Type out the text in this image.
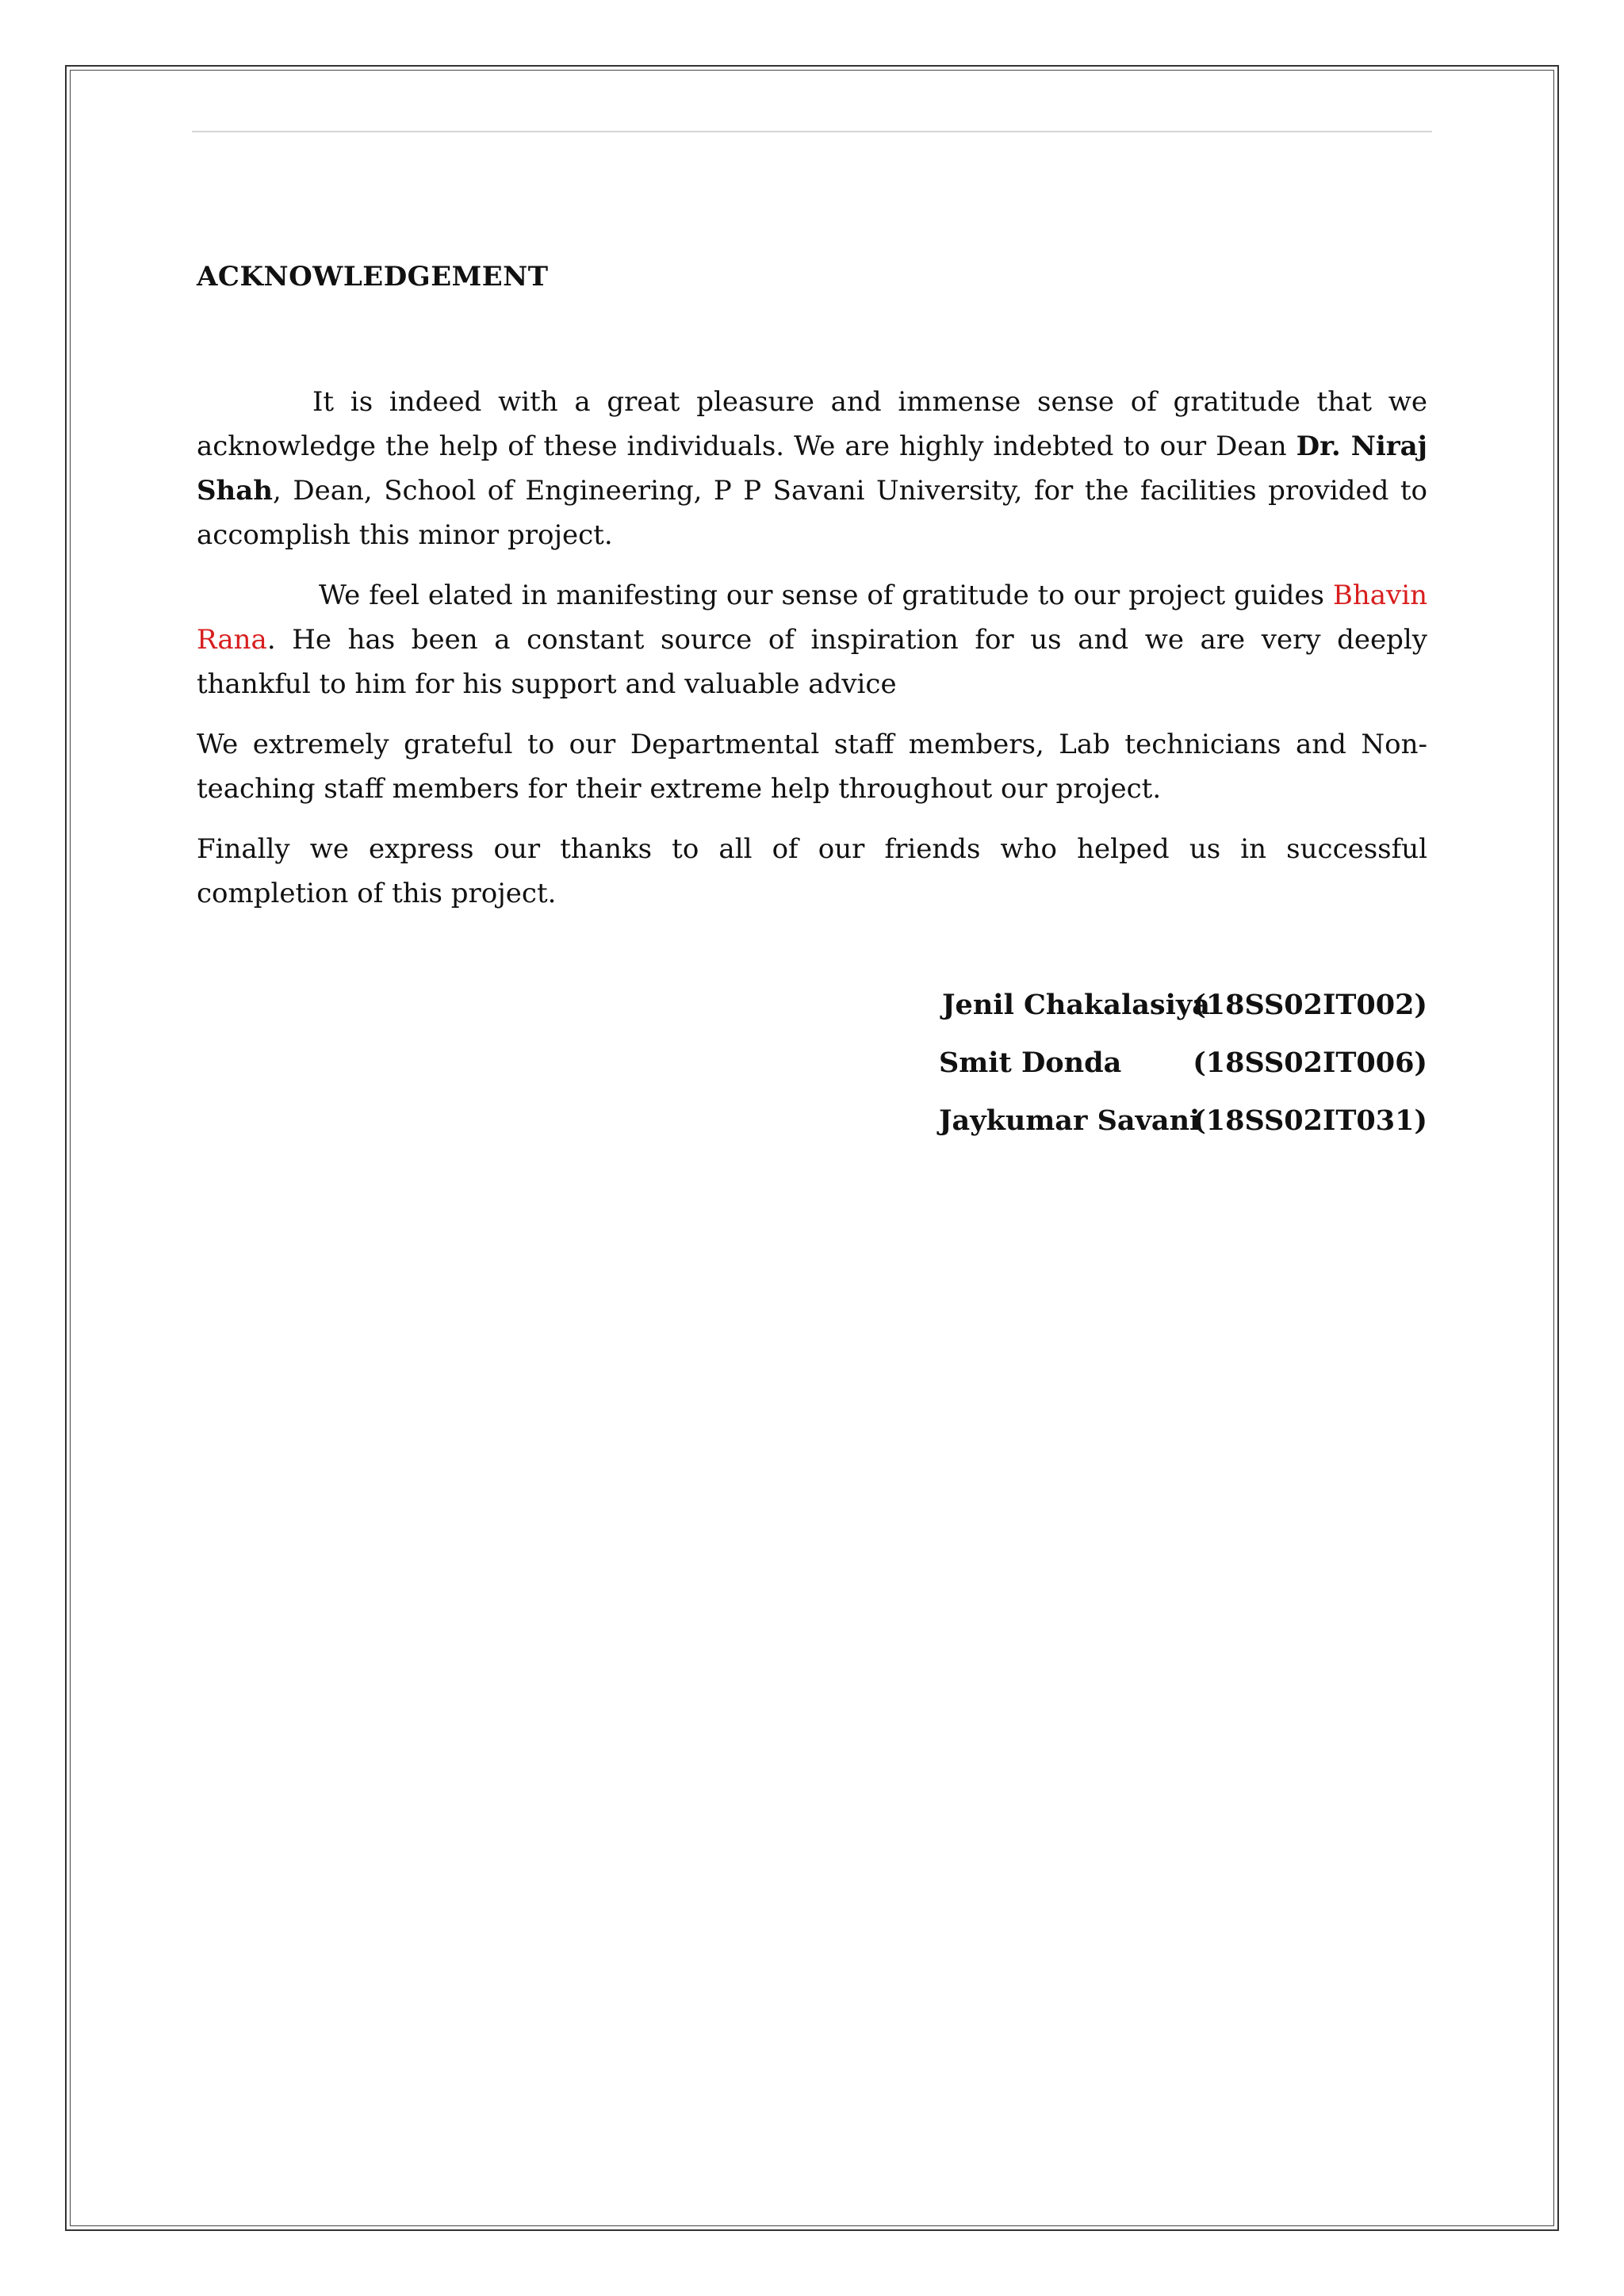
ACKNOWLEDGEMENT

It is indeed with a great pleasure and immense sense of gratitude that we acknowledge the help of these individuals. We are highly indebted to our Dean Dr. Niraj Shah, Dean, School of Engineering, P P Savani University, for the facilities provided to accomplish this minor project.

We feel elated in manifesting our sense of gratitude to our project guides Bhavin Rana. He has been a constant source of inspiration for us and we are very deeply thankful to him for his support and valuable advice

We extremely grateful to our Departmental staff members, Lab technicians and Non-teaching staff members for their extreme help throughout our project.

Finally we express our thanks to all of our friends who helped us in successful completion of this project.

Jenil Chakalasiya
(18SS02IT002)
Smit Donda	(18SS02IT006)
Jaykumar Savani
(18SS02IT031)
